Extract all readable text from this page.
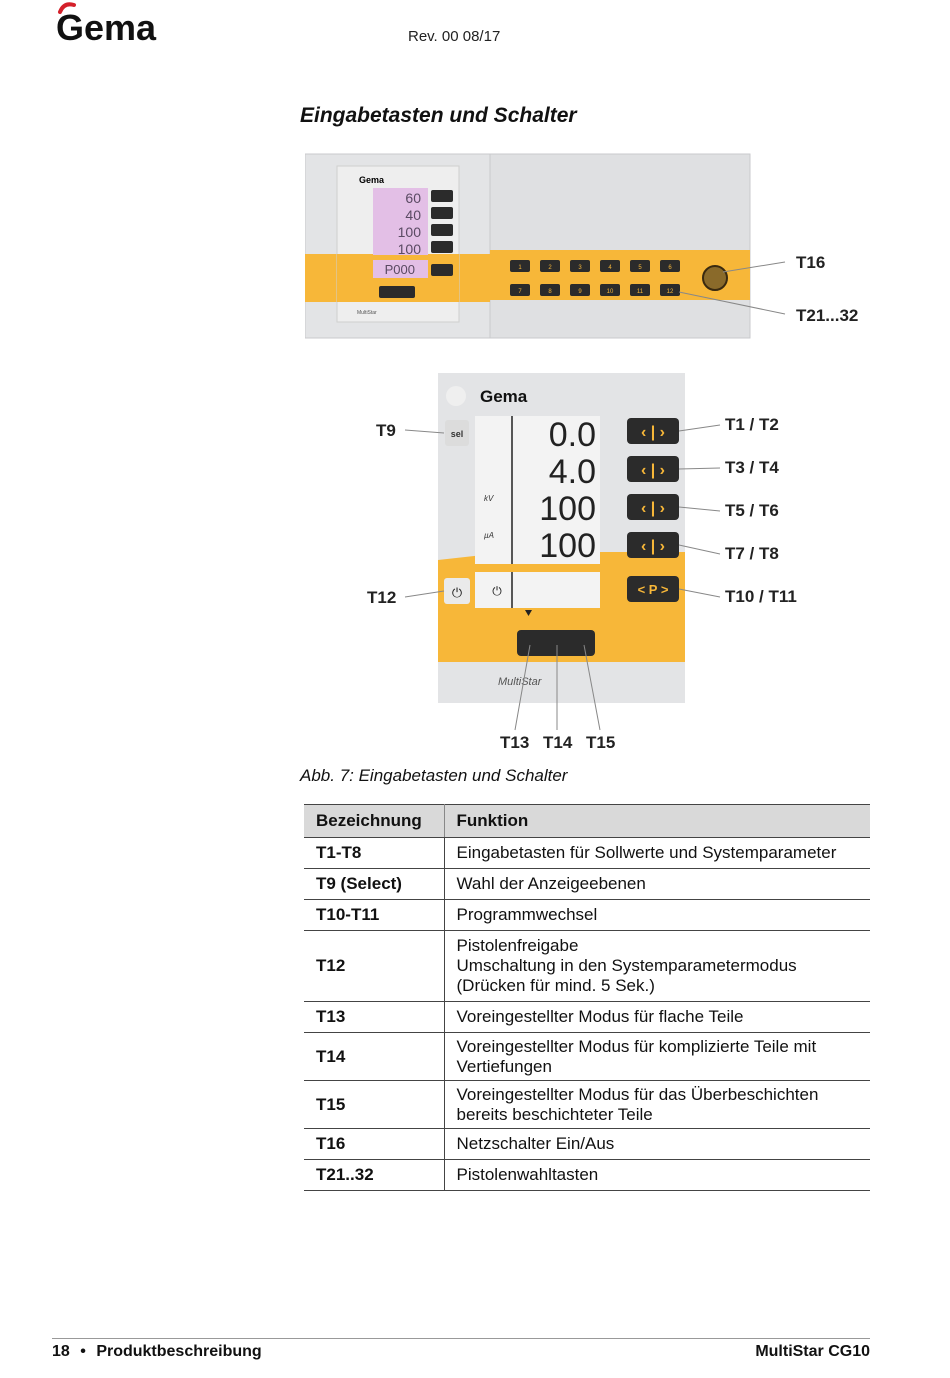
Gema	Rev. 00 08/17
Eingabetasten und Schalter
Gema
60
40
100
100
P000
MultiStar
1	2	3	4	5	6
7	8	9	10	11	12
T16
T21...32
Gema
sel
kV
µA
0.0
4.0
100
100
⏻	⏻
‹ | ›
‹ | ›
‹ | ›
‹ | ›
< P >
MultiStar
T9
T12
T1 / T2
T3 / T4
T5 / T6
T7 / T8
T10 / T11
T13 T14 T15
Abb. 7: Eingabetasten und Schalter
Bezeichnung	Funktion
T1-T8	Eingabetasten für Sollwerte und Systemparameter

T9 (Select)	Wahl der Anzeigeebenen

T10-T11	Programmwechsel

T12	Pistolenfreigabe
Umschaltung in den Systemparametermodus
(Drücken für mind. 5 Sek.)

T13	Voreingestellter Modus für flache Teile

T14	Voreingestellter Modus für komplizierte Teile mit
Vertiefungen

T15	Voreingestellter Modus für das Überbeschichten
bereits beschichteter Teile

T16	Netzschalter Ein/Aus

T21..32	Pistolenwahltasten
18 • Produktbeschreibung	MultiStar CG10
